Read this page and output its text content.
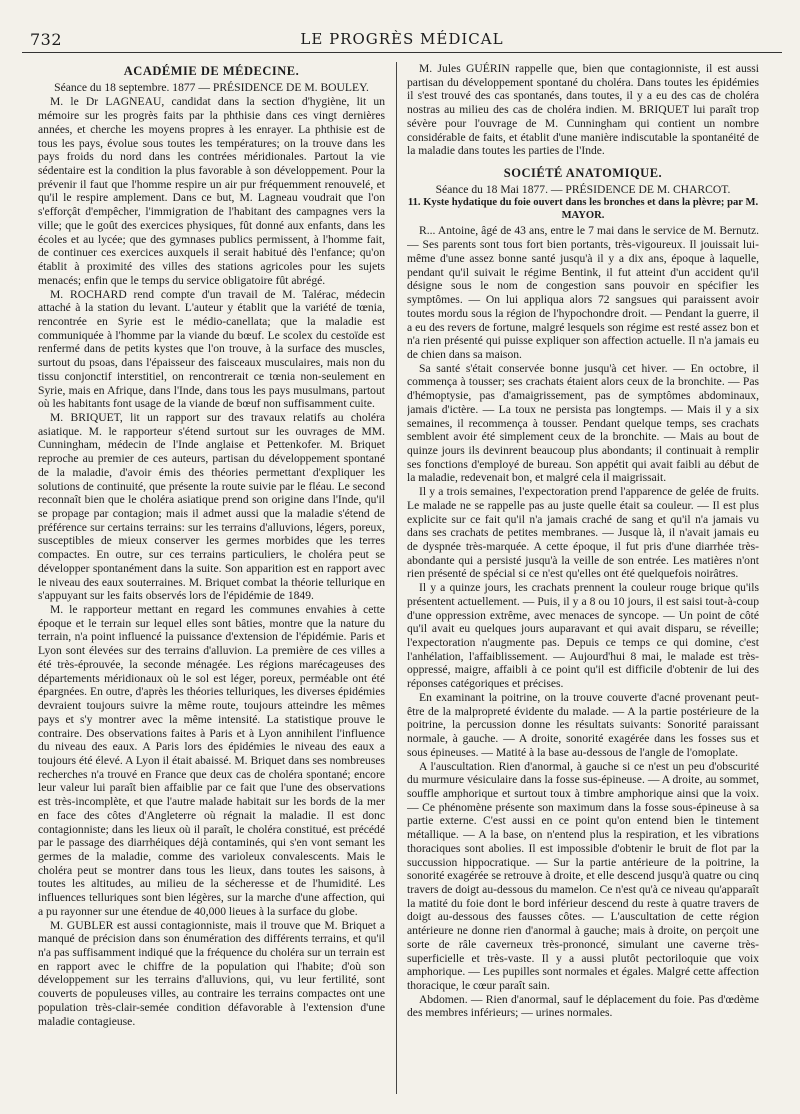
732	LE PROGRÈS MÉDICAL
ACADÉMIE DE MÉDECINE.
Séance du 18 septembre. 1877 — PRÉSIDENCE DE M. BOULEY.

M. le Dr LAGNEAU, candidat dans la section d'hygiène, lit un mémoire sur les progrès faits par la phthisie dans ces vingt dernières années, et cherche les moyens propres à les enrayer. La phthisie est de tous les pays, évolue sous toutes les températures; on la trouve dans les pays froids du nord dans les contrées méridionales. Partout la vie sédentaire est la condition la plus favorable à son développement. Pour la prévenir il faut que l'homme respire un air pur fréquemment renouvelé, et qu'il le respire amplement. Dans ce but, M. Lagneau voudrait que l'on s'efforçât d'empêcher, l'immigration de l'habitant des campagnes vers la ville; que le goût des exercices physiques, fût donné aux enfants, dans les écoles et au lycée; que des gymnases publics permissent, à l'homme fait, de continuer ces exercices auxquels il serait habitué dès l'enfance; qu'on établit à proximité des villes des stations agricoles pour les sujets menacés; enfin que le temps du service obligatoire fût abrégé.

M. ROCHARD rend compte d'un travail de M. Talérac, médecin attaché à la station du levant. L'auteur y établit que la variété de tœnia, rencontrée en Syrie est le médio-canellata; que la maladie est communiquée à l'homme par la viande du bœuf. Le scolex du cestoïde est renfermé dans de petits kystes que l'on trouve, à la surface des muscles, surtout du psoas, dans l'épaisseur des faisceaux musculaires, mais non du tissu conjonctif interstitiel, on rencontrerait ce tœnia non-seulement en Syrie, mais en Afrique, dans l'Inde, dans tous les pays musulmans, partout où les habitants font usage de la viande de bœuf non suffisamment cuite.

M. BRIQUET, lit un rapport sur des travaux relatifs au choléra asiatique. M. le rapporteur s'étend surtout sur les ouvrages de MM. Cunningham, médecin de l'Inde anglaise et Pettenkofer. M. Briquet reproche au premier de ces auteurs, partisan du développement spontané de la maladie, d'avoir émis des théories permettant d'expliquer les solutions de continuité, que présente la route suivie par le fléau. Le second reconnaît bien que le choléra asiatique prend son origine dans l'Inde, qu'il se propage par contagion; mais il admet aussi que la maladie s'étend de préférence sur certains terrains: sur les terrains d'alluvions, légers, poreux, susceptibles de mieux conserver les germes morbides que les terres compactes. En outre, sur ces terrains particuliers, le choléra peut se développer spontanément dans la suite. Son apparition est en rapport avec le niveau des eaux souterraines. M. Briquet combat la théorie tellurique en s'appuyant sur les faits observés lors de l'épidémie de 1849.

M. le rapporteur mettant en regard les communes envahies à cette époque et le terrain sur lequel elles sont bâties, montre que la nature du terrain, n'a point influencé la puissance d'extension de l'épidémie. Paris et Lyon sont élevées sur des terrains d'alluvion. La première de ces villes a été très-éprouvée, la seconde ménagée. Les régions marécageuses des départements méridionaux où le sol est léger, poreux, perméable ont été épargnées. En outre, d'après les théories telluriques, les diverses épidémies devraient toujours suivre la même route, toujours atteindre les mêmes pays et s'y montrer avec la même intensité. La statistique prouve le contraire. Des observations faites à Paris et à Lyon annihilent l'influence du niveau des eaux. A Paris lors des épidémies le niveau des eaux a toujours été élevé. A Lyon il était abaissé. M. Briquet dans ses nombreuses recherches n'a trouvé en France que deux cas de choléra spontané; encore leur valeur lui paraît bien affaiblie par ce fait que l'une des observations est très-incomplète, et que l'autre malade habitait sur les bords de la mer en face des côtes d'Angleterre où régnait la maladie. Il est donc contagionniste; dans les lieux où il paraît, le choléra constitué, est précédé par le passage des diarrhéiques déjà contaminés, qui s'en vont semant les germes de la maladie, comme des varioleux convalescents. Mais le choléra peut se montrer dans tous les lieux, dans toutes les saisons, à toutes les altitudes, au milieu de la sécheresse et de l'humidité. Les influences telluriques sont bien légères, sur la marche d'une affection, qui a pu rayonner sur une étendue de 40,000 lieues à la surface du globe.

M. GUBLER est aussi contagionniste, mais il trouve que M. Briquet a manqué de précision dans son énumération des différents terrains, et qu'il n'a pas suffisamment indiqué que la fréquence du choléra sur un terrain est en rapport avec le chiffre de la population qui l'habite; d'où son développement sur les terrains d'alluvions, qui, vu leur fertilité, sont couverts de populeuses villes, au contraire les terrains compactes ont une population très-clair-semée condition défavorable à l'extension d'une maladie contagieuse.

M. Jules GUÉRIN rappelle que, bien que contagionniste, il est aussi partisan du développement spontané du choléra. Dans toutes les épidémies il s'est trouvé des cas spontanés, dans toutes, il y a eu des cas de choléra nostras au milieu des cas de choléra indien. M. BRIQUET lui paraît trop sévère pour l'ouvrage de M. Cunningham qui contient un nombre considérable de faits, et établit d'une manière indiscutable la spontanéité de la maladie dans toutes les parties de l'Inde.

SOCIÉTÉ ANATOMIQUE.
Séance du 18 Mai 1877. — PRÉSIDENCE DE M. CHARCOT.
11. Kyste hydatique du foie ouvert dans les bronches et dans la plèvre; par M. MAYOR.

R... Antoine, âgé de 43 ans, entre le 7 mai dans le service de M. Bernutz. — Ses parents sont tous fort bien portants, très-vigoureux. Il jouissait lui-même d'une assez bonne santé jusqu'à il y a dix ans, époque à laquelle, pendant qu'il suivait le régime Bentink, il fut atteint d'un accident qu'il désigne sous le nom de congestion sans pouvoir en spécifier les symptômes. — On lui appliqua alors 72 sangsues qui paraissent avoir toutes mordu sous la région de l'hypochondre droit. — Pendant la guerre, il a eu des revers de fortune, malgré lesquels son régime est resté assez bon et n'a rien présenté qui puisse expliquer son affection actuelle. Il n'a jamais eu de chien dans sa maison.

Sa santé s'était conservée bonne jusqu'à cet hiver. — En octobre, il commença à tousser; ses crachats étaient alors ceux de la bronchite. — Pas d'hémoptysie, pas d'amaigrissement, pas de symptômes abdominaux, jamais d'ictère. — La toux ne persista pas longtemps. — Mais il y a six semaines, il recommença à tousser. Pendant quelque temps, ses crachats semblent avoir été simplement ceux de la bronchite. — Mais au bout de quinze jours ils devinrent beaucoup plus abondants; il continuait à remplir ses fonctions d'employé de bureau. Son appétit qui avait faibli au début de la maladie, redevenait bon, et malgré cela il maigrissait.

Il y a trois semaines, l'expectoration prend l'apparence de gelée de fruits. Le malade ne se rappelle pas au juste quelle était sa couleur. — Il est plus explicite sur ce fait qu'il n'a jamais craché de sang et qu'il n'a jamais vu dans ses crachats de petites membranes. — Jusque là, il n'avait jamais eu de dyspnée très-marquée. A cette époque, il fut pris d'une diarrhée très-abondante qui a persisté jusqu'à la veille de son entrée. Les matières n'ont rien présenté de spécial si ce n'est qu'elles ont été quelquefois noirâtres.

Il y a quinze jours, les crachats prennent la couleur rouge brique qu'ils présentent actuellement. — Puis, il y a 8 ou 10 jours, il est saisi tout-à-coup d'une oppression extrême, avec menaces de syncope. — Un point de côté qu'il avait eu quelques jours auparavant et qui avait disparu, se réveille; l'expectoration n'augmente pas. Depuis ce temps ce qui domine, c'est l'anhélation, l'affaiblissement. — Aujourd'hui 8 mai, le malade est très-oppressé, maigre, affaibli à ce point qu'il est difficile d'obtenir de lui des réponses catégoriques et précises.

En examinant la poitrine, on la trouve couverte d'acné provenant peut-être de la malpropreté évidente du malade. — A la partie postérieure de la poitrine, la percussion donne les résultats suivants: Sonorité paraissant normale, à gauche. — A droite, sonorité exagérée dans les fosses sus et sous épineuses. — Matité à la base au-dessous de l'angle de l'omoplate.

A l'auscultation. Rien d'anormal, à gauche si ce n'est un peu d'obscurité du murmure vésiculaire dans la fosse sus-épineuse. — A droite, au sommet, souffle amphorique et surtout toux à timbre amphorique ainsi que la voix. — Ce phénomène présente son maximum dans la fosse sous-épineuse à sa partie externe. C'est aussi en ce point qu'on entend bien le tintement métallique. — A la base, on n'entend plus la respiration, et les vibrations thoraciques sont abolies. Il est impossible d'obtenir le bruit de flot par la succussion hippocratique. — Sur la partie antérieure de la poitrine, la sonorité exagérée se retrouve à droite, et elle descend jusqu'à quatre ou cinq travers de doigt au-dessous du mamelon. Ce n'est qu'à ce niveau qu'apparaît la matité du foie dont le bord inférieur descend du reste à quatre travers de doigt au-dessous des fausses côtes. — L'auscultation de cette région antérieure ne donne rien d'anormal à gauche; mais à droite, on perçoit une sorte de râle caverneux très-prononcé, simulant une caverne très-superficielle et très-vaste. Il y a aussi plutôt pectoriloquie que voix amphorique. — Les pupilles sont normales et égales. Malgré cette affection thoracique, le cœur paraît sain.

Abdomen. — Rien d'anormal, sauf le déplacement du foie. Pas d'œdème des membres inférieurs; — urines normales.
